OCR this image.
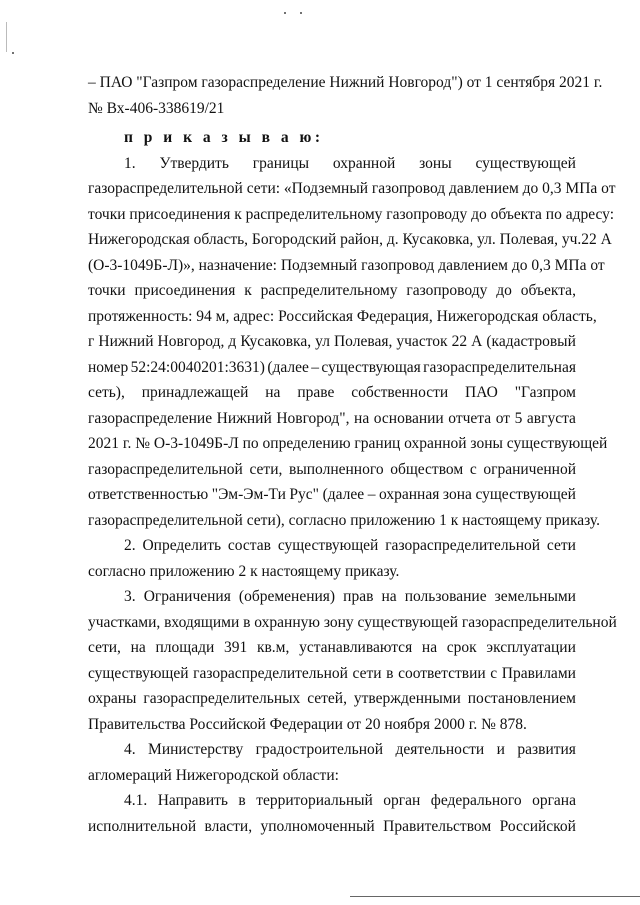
– ПАО "Газпром газораспределение Нижний Новгород") от 1 сентября 2021 г.
№ Вх-406-338619/21
п р и к а з ы в а ю:
1. Утвердить границы охранной зоны существующей
газораспределительной сети: «Подземный газопровод давлением до 0,3 МПа от
точки присоединения к распределительному газопроводу до объекта по адресу:
Нижегородская область, Богородский район, д. Кусаковка, ул. Полевая, уч.22 А
(О-3-1049Б-Л)», назначение: Подземный газопровод давлением до 0,3 МПа от
точки присоединения к распределительному газопроводу до объекта,
протяженность: 94 м, адрес: Российская Федерация, Нижегородская область,
г Нижний Новгород, д Кусаковка, ул Полевая, участок 22 А (кадастровый
номер 52:24:0040201:3631) (далее – существующая газораспределительная
сеть), принадлежащей на праве собственности ПАО "Газпром
газораспределение Нижний Новгород", на основании отчета от 5 августа
2021 г. № О-3-1049Б-Л по определению границ охранной зоны существующей
газораспределительной сети, выполненного обществом с ограниченной
ответственностью "Эм-Эм-Ти Рус" (далее – охранная зона существующей
газораспределительной сети), согласно приложению 1 к настоящему приказу.
2. Определить состав существующей газораспределительной сети
согласно приложению 2 к настоящему приказу.
3. Ограничения (обременения) прав на пользование земельными
участками, входящими в охранную зону существующей газораспределительной
сети, на площади 391 кв.м, устанавливаются на срок эксплуатации
существующей газораспределительной сети в соответствии с Правилами
охраны газораспределительных сетей, утвержденными постановлением
Правительства Российской Федерации от 20 ноября 2000 г. № 878.
4. Министерству градостроительной деятельности и развития
агломераций Нижегородской области:
4.1. Направить в территориальный орган федерального органа
исполнительной власти, уполномоченный Правительством Российской
